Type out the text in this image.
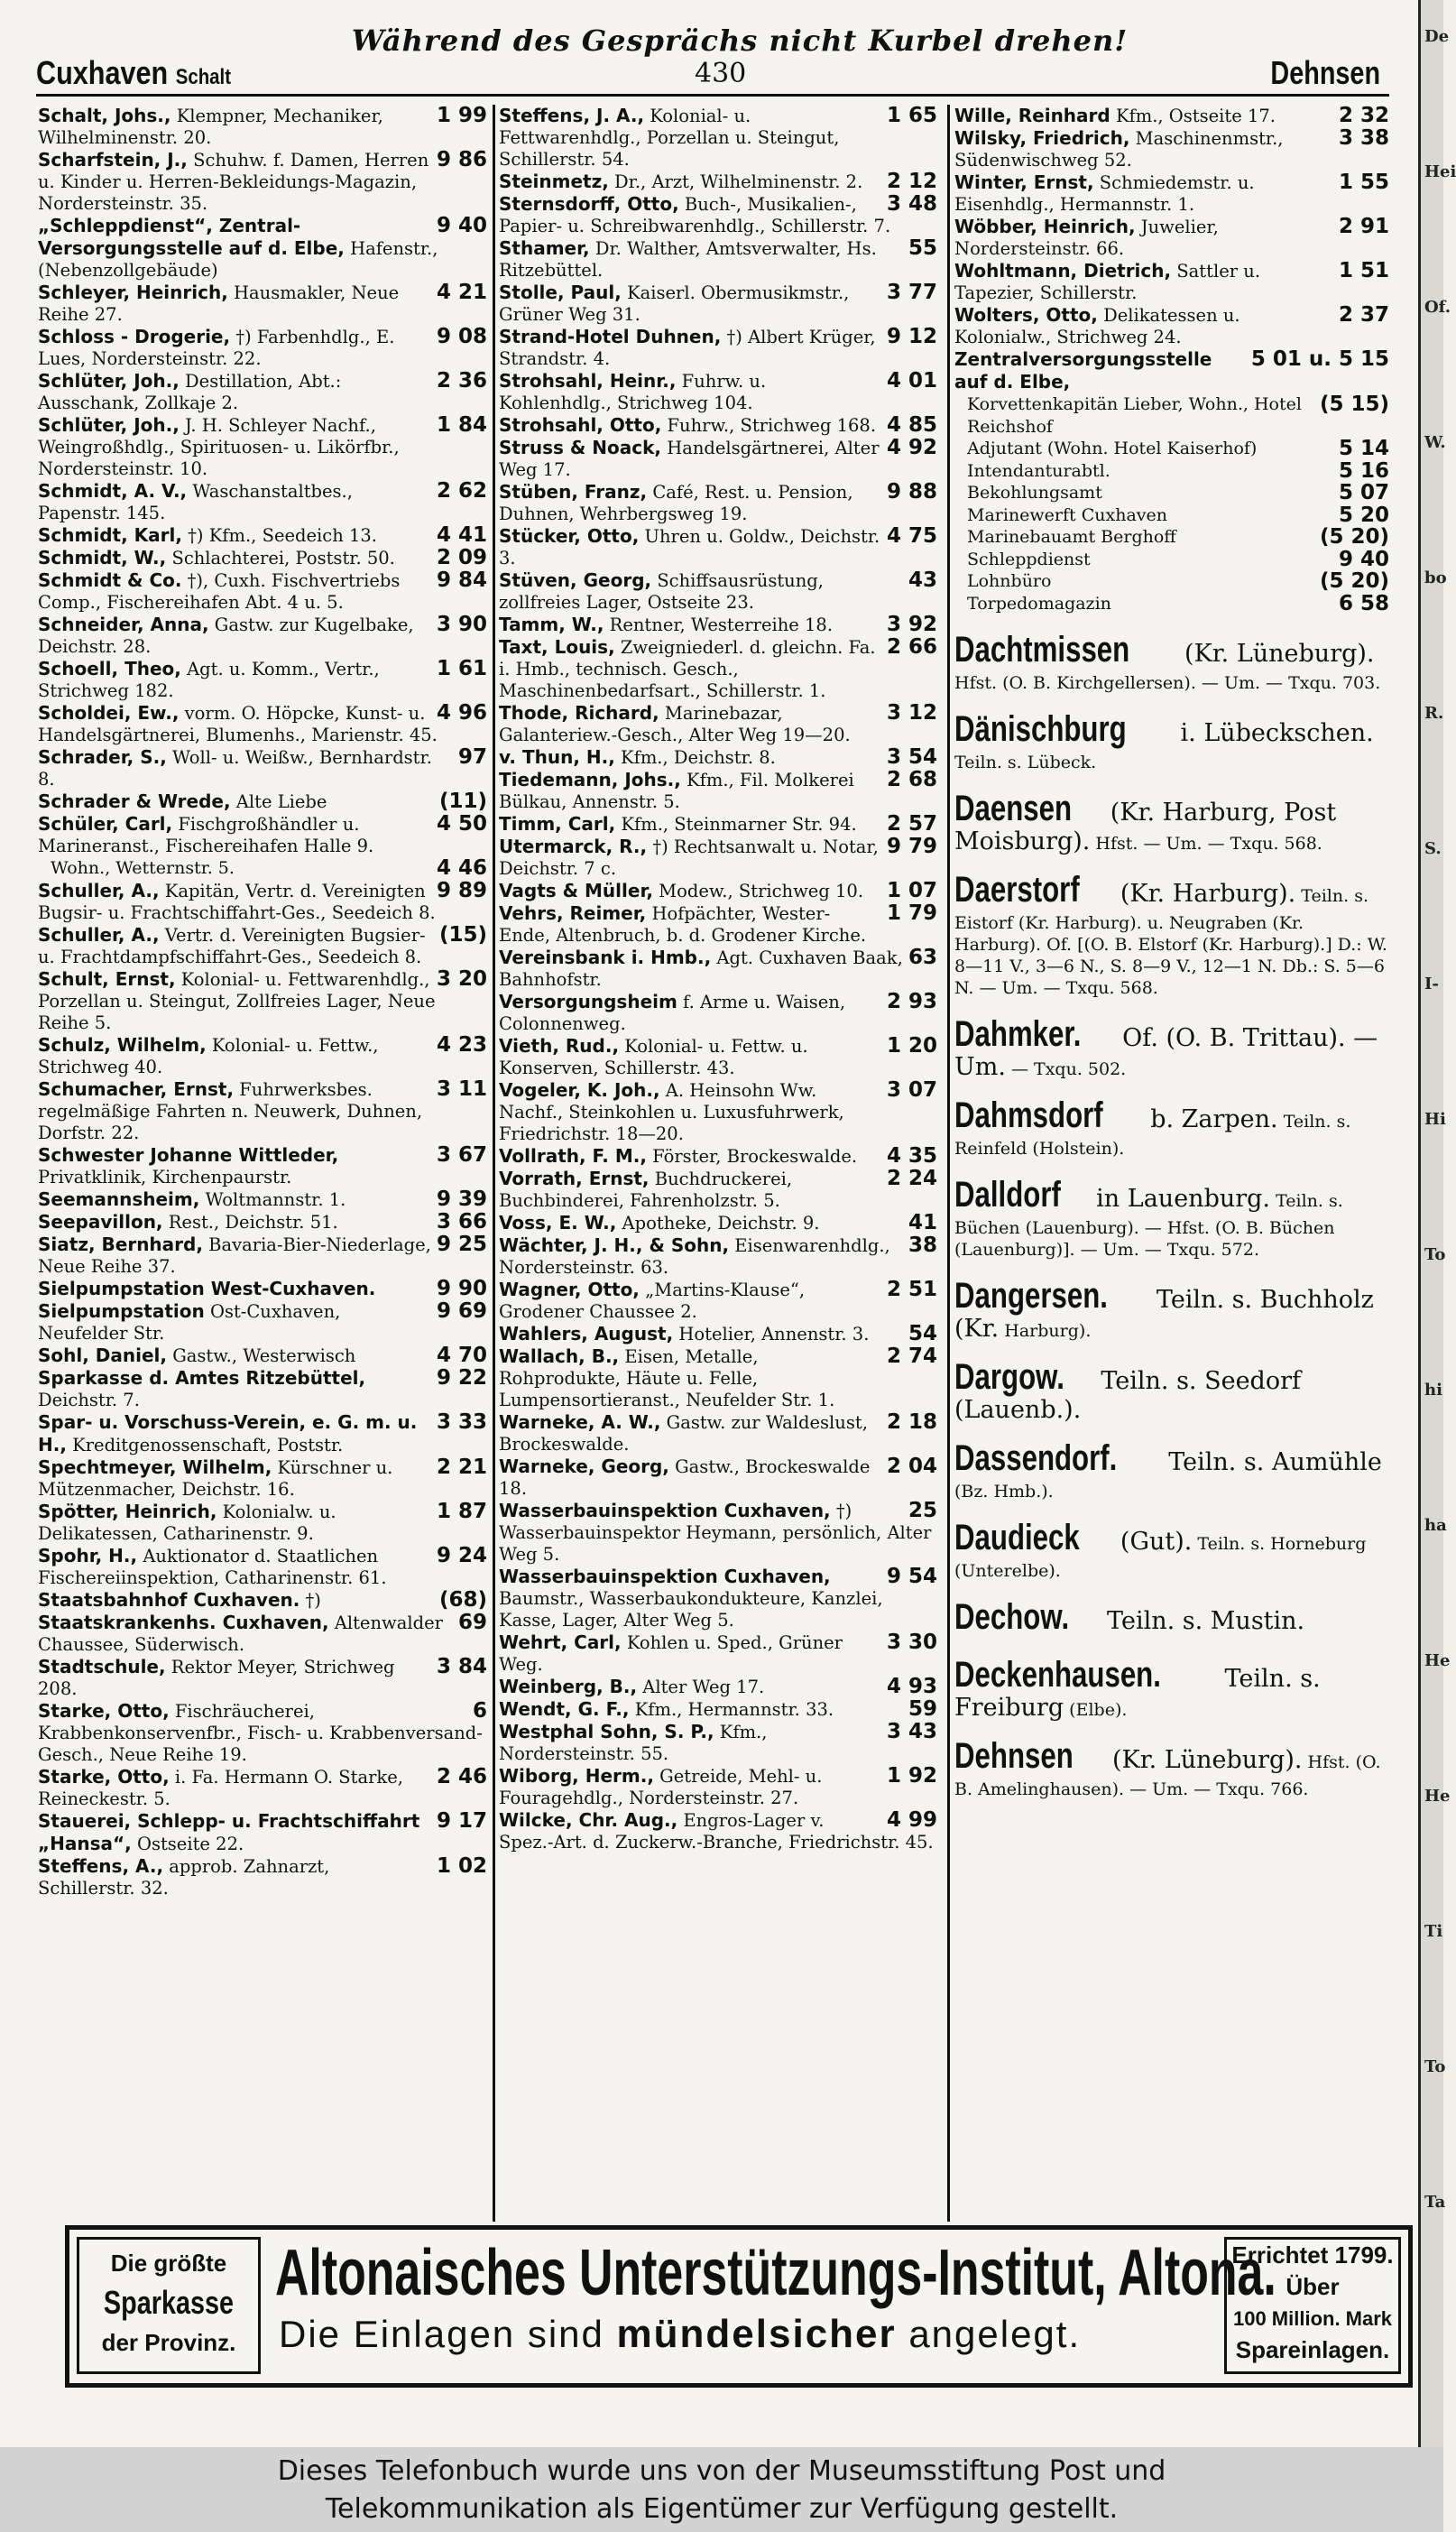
Cuxhaven Schalt
Während des Gesprächs nicht Kurbel drehen!
430	Dehnsen
1 99
Schalt, Johs., Klempner, Mechaniker, Wilhelminenstr. 20.
9 86
Scharfstein, J., Schuhw. f. Damen, Herren u. Kinder u. Herren-Bekleidungs-Magazin, Nordersteinstr. 35.
9 40
„Schleppdienst“, Zentral-Versorgungsstelle auf d. Elbe, Hafenstr., (Nebenzollgebäude)
4 21
Schleyer, Heinrich, Hausmakler, Neue Reihe 27.
9 08
Schloss - Drogerie, †) Farbenhdlg., E. Lues, Nordersteinstr. 22.
2 36
Schlüter, Joh., Destillation, Abt.: Ausschank, Zollkaje 2.
1 84
Schlüter, Joh., J. H. Schleyer Nachf., Weingroßhdlg., Spirituosen- u. Likörfbr., Nordersteinstr. 10.
2 62
Schmidt, A. V., Waschanstaltbes., Papenstr. 145.
4 41
Schmidt, Karl, †) Kfm., Seedeich 13.
2 09
Schmidt, W., Schlachterei, Poststr. 50.
9 84
Schmidt & Co. †), Cuxh. Fischvertriebs Comp., Fischereihafen Abt. 4 u. 5.
3 90
Schneider, Anna, Gastw. zur Kugelbake, Deichstr. 28.
1 61
Schoell, Theo, Agt. u. Komm., Vertr., Strichweg 182.
4 96
Scholdei, Ew., vorm. O. Höpcke, Kunst- u. Handelsgärtnerei, Blumenhs., Marienstr. 45.
97
Schrader, S., Woll- u. Weißw., Bernhardstr. 8.
(11)
Schrader & Wrede, Alte Liebe
4 50
Schüler, Carl, Fischgroßhändler u. Marineranst., Fischereihafen Halle 9.
4 46
Wohn., Wetternstr. 5.
9 89
Schuller, A., Kapitän, Vertr. d. Vereinigten Bugsir- u. Frachtschiffahrt-Ges., Seedeich 8.
(15)
Schuller, A., Vertr. d. Vereinigten Bugsier- u. Frachtdampfschiffahrt-Ges., Seedeich 8.
3 20
Schult, Ernst, Kolonial- u. Fettwarenhdlg., Porzellan u. Steingut, Zollfreies Lager, Neue Reihe 5.
4 23
Schulz, Wilhelm, Kolonial- u. Fettw., Strichweg 40.
3 11
Schumacher, Ernst, Fuhrwerksbes. regelmäßige Fahrten n. Neuwerk, Duhnen, Dorfstr. 22.
3 67
Schwester Johanne Wittleder, Privatklinik, Kirchenpaurstr.
9 39
Seemannsheim, Woltmannstr. 1.
3 66
Seepavillon, Rest., Deichstr. 51.
9 25
Siatz, Bernhard, Bavaria-Bier-Niederlage, Neue Reihe 37.
9 90
Sielpumpstation West-Cuxhaven.
9 69
Sielpumpstation Ost-Cuxhaven, Neufelder Str.
4 70
Sohl, Daniel, Gastw., Westerwisch
9 22
Sparkasse d. Amtes Ritzebüttel, Deichstr. 7.
3 33
Spar- u. Vorschuss-Verein, e. G. m. u. H., Kreditgenossenschaft, Poststr.
2 21
Spechtmeyer, Wilhelm, Kürschner u. Mützenmacher, Deichstr. 16.
1 87
Spötter, Heinrich, Kolonialw. u. Delikatessen, Catharinenstr. 9.
9 24
Spohr, H., Auktionator d. Staatlichen Fischereiinspektion, Catharinenstr. 61.
(68)
Staatsbahnhof Cuxhaven. †)
69
Staatskrankenhs. Cuxhaven, Altenwalder Chaussee, Süderwisch.
3 84
Stadtschule, Rektor Meyer, Strichweg 208.
6
Starke, Otto, Fischräucherei, Krabbenkonservenfbr., Fisch- u. Krabbenversand-Gesch., Neue Reihe 19.
2 46
Starke, Otto, i. Fa. Hermann O. Starke, Reineckestr. 5.
9 17
Stauerei, Schlepp- u. Frachtschiffahrt „Hansa“, Ostseite 22.
1 02
Steffens, A., approb. Zahnarzt, Schillerstr. 32.
1 65
Steffens, J. A., Kolonial- u. Fettwarenhdlg., Porzellan u. Steingut, Schillerstr. 54.
2 12
Steinmetz, Dr., Arzt, Wilhelminenstr. 2.
3 48
Sternsdorff, Otto, Buch-, Musikalien-, Papier- u. Schreibwarenhdlg., Schillerstr. 7.
55
Sthamer, Dr. Walther, Amtsverwalter, Hs. Ritzebüttel.
3 77
Stolle, Paul, Kaiserl. Obermusikmstr., Grüner Weg 31.
9 12
Strand-Hotel Duhnen, †) Albert Krüger, Strandstr. 4.
4 01
Strohsahl, Heinr., Fuhrw. u. Kohlenhdlg., Strichweg 104.
4 85
Strohsahl, Otto, Fuhrw., Strichweg 168.
4 92
Struss & Noack, Handelsgärtnerei, Alter Weg 17.
9 88
Stüben, Franz, Café, Rest. u. Pension, Duhnen, Wehrbergsweg 19.
4 75
Stücker, Otto, Uhren u. Goldw., Deichstr. 3.
43
Stüven, Georg, Schiffsausrüstung, zollfreies Lager, Ostseite 23.
3 92
Tamm, W., Rentner, Westerreihe 18.
2 66
Taxt, Louis, Zweigniederl. d. gleichn. Fa. i. Hmb., technisch. Gesch., Maschinenbedarfsart., Schillerstr. 1.
3 12
Thode, Richard, Marinebazar, Galanteriew.-Gesch., Alter Weg 19—20.
3 54
v. Thun, H., Kfm., Deichstr. 8.
2 68
Tiedemann, Johs., Kfm., Fil. Molkerei Bülkau, Annenstr. 5.
2 57
Timm, Carl, Kfm., Steinmarner Str. 94.
9 79
Utermarck, R., †) Rechtsanwalt u. Notar, Deichstr. 7 c.
1 07
Vagts & Müller, Modew., Strichweg 10.
1 79
Vehrs, Reimer, Hofpächter, Wester-Ende, Altenbruch, b. d. Grodener Kirche.
63
Vereinsbank i. Hmb., Agt. Cuxhaven Baak, Bahnhofstr.
2 93
Versorgungsheim f. Arme u. Waisen, Colonnenweg.
1 20
Vieth, Rud., Kolonial- u. Fettw. u. Konserven, Schillerstr. 43.
3 07
Vogeler, K. Joh., A. Heinsohn Ww. Nachf., Steinkohlen u. Luxusfuhrwerk, Friedrichstr. 18—20.
4 35
Vollrath, F. M., Förster, Brockeswalde.
2 24
Vorrath, Ernst, Buchdruckerei, Buchbinderei, Fahrenholzstr. 5.
41
Voss, E. W., Apotheke, Deichstr. 9.
38
Wächter, J. H., & Sohn, Eisenwarenhdlg., Nordersteinstr. 63.
2 51
Wagner, Otto, „Martins-Klause“, Grodener Chaussee 2.
54
Wahlers, August, Hotelier, Annenstr. 3.
2 74
Wallach, B., Eisen, Metalle, Rohprodukte, Häute u. Felle, Lumpensortieranst., Neufelder Str. 1.
2 18
Warneke, A. W., Gastw. zur Waldeslust, Brockeswalde.
2 04
Warneke, Georg, Gastw., Brockeswalde 18.
25
Wasserbauinspektion Cuxhaven, †) Wasserbauinspektor Heymann, persönlich, Alter Weg 5.
9 54
Wasserbauinspektion Cuxhaven, Baumstr., Wasserbaukondukteure, Kanzlei, Kasse, Lager, Alter Weg 5.
3 30
Wehrt, Carl, Kohlen u. Sped., Grüner Weg.
4 93
Weinberg, B., Alter Weg 17.
59
Wendt, G. F., Kfm., Hermannstr. 33.
3 43
Westphal Sohn, S. P., Kfm., Nordersteinstr. 55.
1 92
Wiborg, Herm., Getreide, Mehl- u. Fouragehdlg., Nordersteinstr. 27.
4 99
Wilcke, Chr. Aug., Engros-Lager v. Spez.-Art. d. Zuckerw.-Branche, Friedrichstr. 45.
2 32
Wille, Reinhard Kfm., Ostseite 17.
3 38
Wilsky, Friedrich, Maschinenmstr., Südenwischweg 52.
1 55
Winter, Ernst, Schmiedemstr. u. Eisenhdlg., Hermannstr. 1.
2 91
Wöbber, Heinrich, Juwelier, Nordersteinstr. 66.
1 51
Wohltmann, Dietrich, Sattler u. Tapezier, Schillerstr.
2 37
Wolters, Otto, Delikatessen u. Kolonialw., Strichweg 24.
5 01 u. 5 15
Zentralversorgungsstelle auf d. Elbe,
(5 15)
Korvettenkapitän Lieber, Wohn., Hotel Reichshof
5 14
Adjutant (Wohn. Hotel Kaiserhof)
5 16
Intendanturabtl.
5 07
Bekohlungsamt
5 20
Marinewerft Cuxhaven
(5 20)
Marinebauamt Berghoff
9 40
Schleppdienst
(5 20)
Lohnbüro
6 58
Torpedomagazin
Dachtmissen (Kr. Lüneburg). Hfst. (O. B. Kirchgellersen). — Um. — Txqu. 703.
Dänischburg i. Lübeckschen. Teiln. s. Lübeck.
Daensen (Kr. Harburg, Post Moisburg). Hfst. — Um. — Txqu. 568.
Daerstorf (Kr. Harburg). Teiln. s. Eistorf (Kr. Harburg). u. Neugraben (Kr. Harburg). Of. [(O. B. Elstorf (Kr. Harburg).] D.: W. 8—11 V., 3—6 N., S. 8—9 V., 12—1 N. Db.: S. 5—6 N. — Um. — Txqu. 568.
Dahmker. Of. (O. B. Trittau). — Um. — Txqu. 502.
Dahmsdorf b. Zarpen. Teiln. s. Reinfeld (Holstein).
Dalldorf in Lauenburg. Teiln. s. Büchen (Lauenburg). — Hfst. (O. B. Büchen (Lauenburg)]. — Um. — Txqu. 572.
Dangersen. Teiln. s. Buchholz (Kr. Harburg).
Dargow. Teiln. s. Seedorf (Lauenb.).
Dassendorf. Teiln. s. Aumühle (Bz. Hmb.).
Daudieck (Gut). Teiln. s. Horneburg (Unterelbe).
Dechow. Teiln. s. Mustin.
Deckenhausen.	Teiln. s. Freiburg (Elbe).
Dehnsen (Kr. Lüneburg). Hfst. (O. B. Amelinghausen). — Um. — Txqu. 766.
Die größte
Sparkasse
der Provinz.
Altonaisches Unterstützungs-Institut, Altona.
Die Einlagen sind mündelsicher angelegt.
Errichtet 1799.
Über
100 Million. Mark
Spareinlagen.
De
Hei
Of.
W.
bo
R.
S.
I-
Hi
To
hi
ha
He
He
Ti
To
Ta
Dieses Telefonbuch wurde uns von der Museumsstiftung Post und
Telekommunikation als Eigentümer zur Verfügung gestellt.
